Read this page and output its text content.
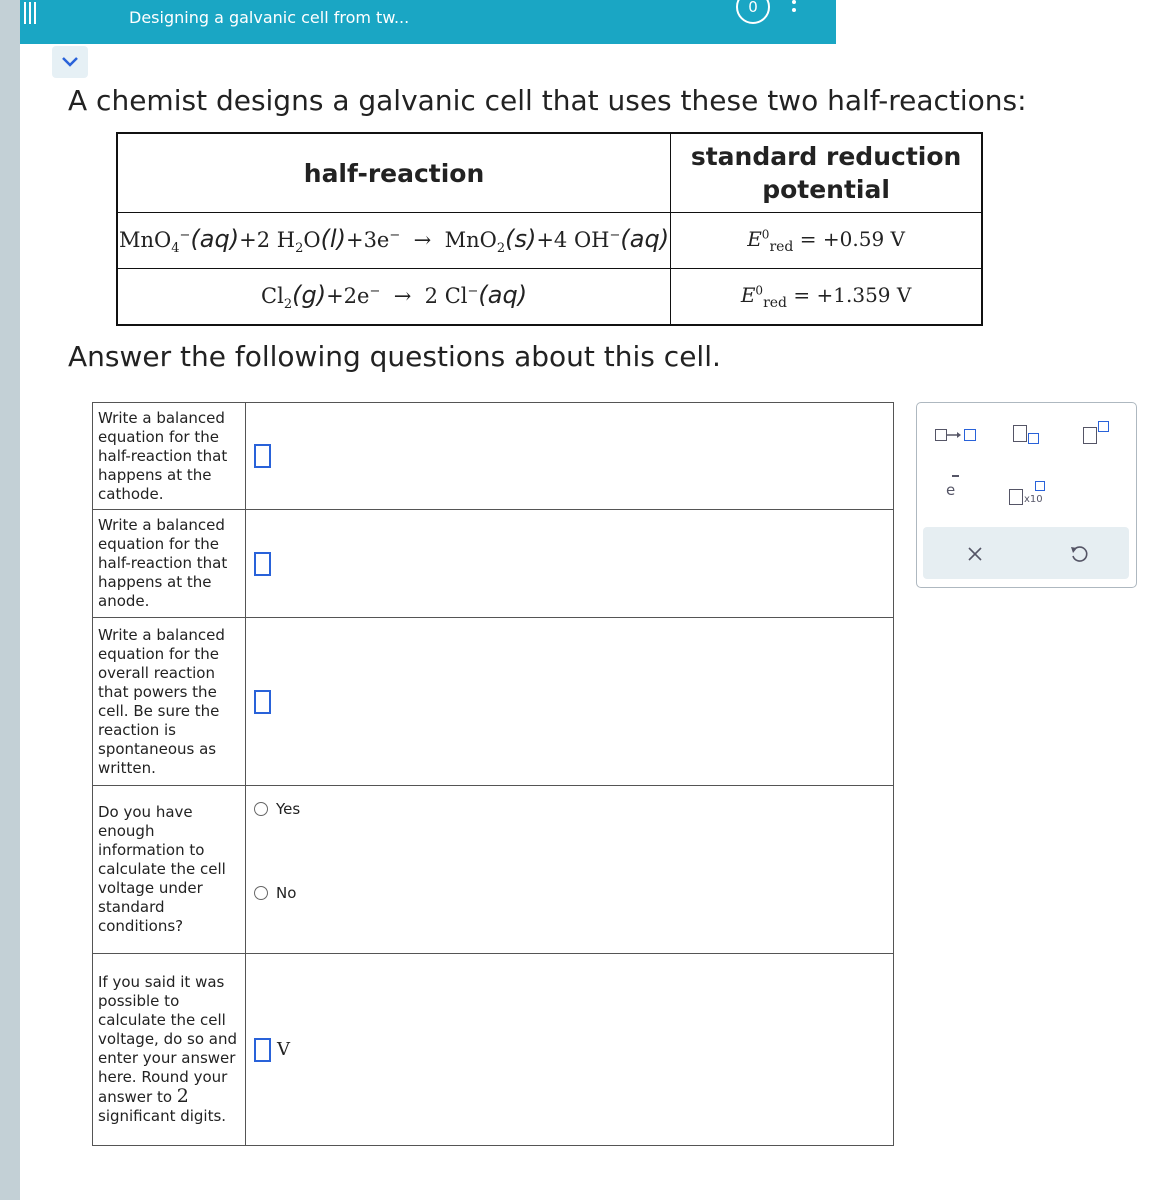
Designing a galvanic cell from tw...
0
A chemist designs a galvanic cell that uses these two half-reactions:
half-reaction	standard reduction potential
MnO$_4$−(aq)+2 $H_2O(l)+3e^- \to MnO_2(s)+4$ OH−(aq)	$E^0_{red} = +0.59$ V
$Cl_2(g)+2e^- \to 2$ Cl−(aq)	$E^0_{red} = +1.359$ V
Answer the following questions about this cell.
Write a balanced equation for the half-reaction that happens at the cathode.	
Write a balanced equation for the half-reaction that happens at the anode.	
Write a balanced equation for the overall reaction that powers the cell. Be sure the reaction is spontaneous as written.	
Do you have enough information to calculate the cell voltage under standard conditions?	Yes
No

If you said it was possible to calculate the cell voltage, do so and enter your answer here. Round your answer to 2 significant digits.	V
e
x10
